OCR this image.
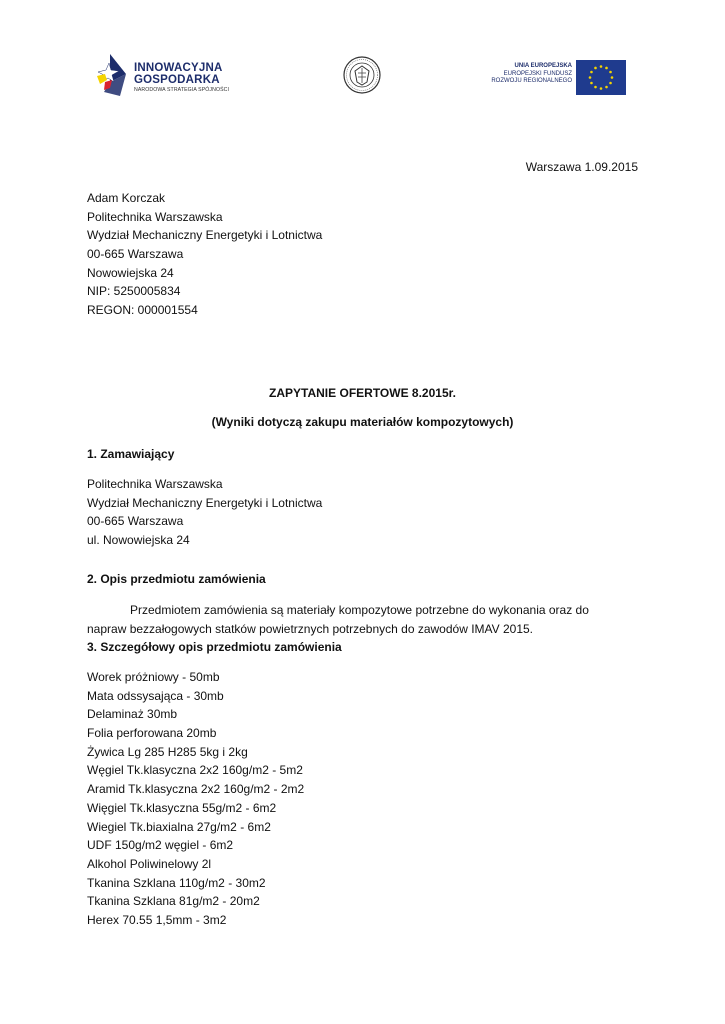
INNOWACYJNA
GOSPODARKA
NARODOWA STRATEGIA SPÓJNOŚCI
UNIA EUROPEJSKA
EUROPEJSKI FUNDUSZ
ROZWOJU REGIONALNEGO
Warszawa 1.09.2015
Adam Korczak
Politechnika Warszawska
Wydział Mechaniczny Energetyki i Lotnictwa
00-665 Warszawa
Nowowiejska 24
NIP: 5250005834
REGON: 000001554
ZAPYTANIE OFERTOWE 8.2015r.
(Wyniki dotyczą zakupu materiałów kompozytowych)
1. Zamawiający
Politechnika Warszawska
Wydział Mechaniczny Energetyki i Lotnictwa
00-665 Warszawa
ul. Nowowiejska 24
2. Opis przedmiotu zamówienia
Przedmiotem zamówienia są materiały kompozytowe potrzebne do wykonania oraz do
napraw bezzałogowych statków powietrznych potrzebnych do zawodów IMAV 2015.
3. Szczegółowy opis przedmiotu zamówienia
Worek próżniowy - 50mb
Mata odssysająca - 30mb
Delaminaż 30mb
Folia perforowana 20mb
Żywica Lg 285 H285 5kg i 2kg
Węgiel Tk.klasyczna 2x2 160g/m2 - 5m2
Aramid Tk.klasyczna 2x2 160g/m2 - 2m2
Więgiel Tk.klasyczna 55g/m2 - 6m2
Wiegiel Tk.biaxialna 27g/m2 - 6m2
UDF 150g/m2 węgiel - 6m2
Alkohol Poliwinelowy 2l
Tkanina Szklana 110g/m2 - 30m2
Tkanina Szklana 81g/m2 - 20m2
Herex 70.55 1,5mm - 3m2
